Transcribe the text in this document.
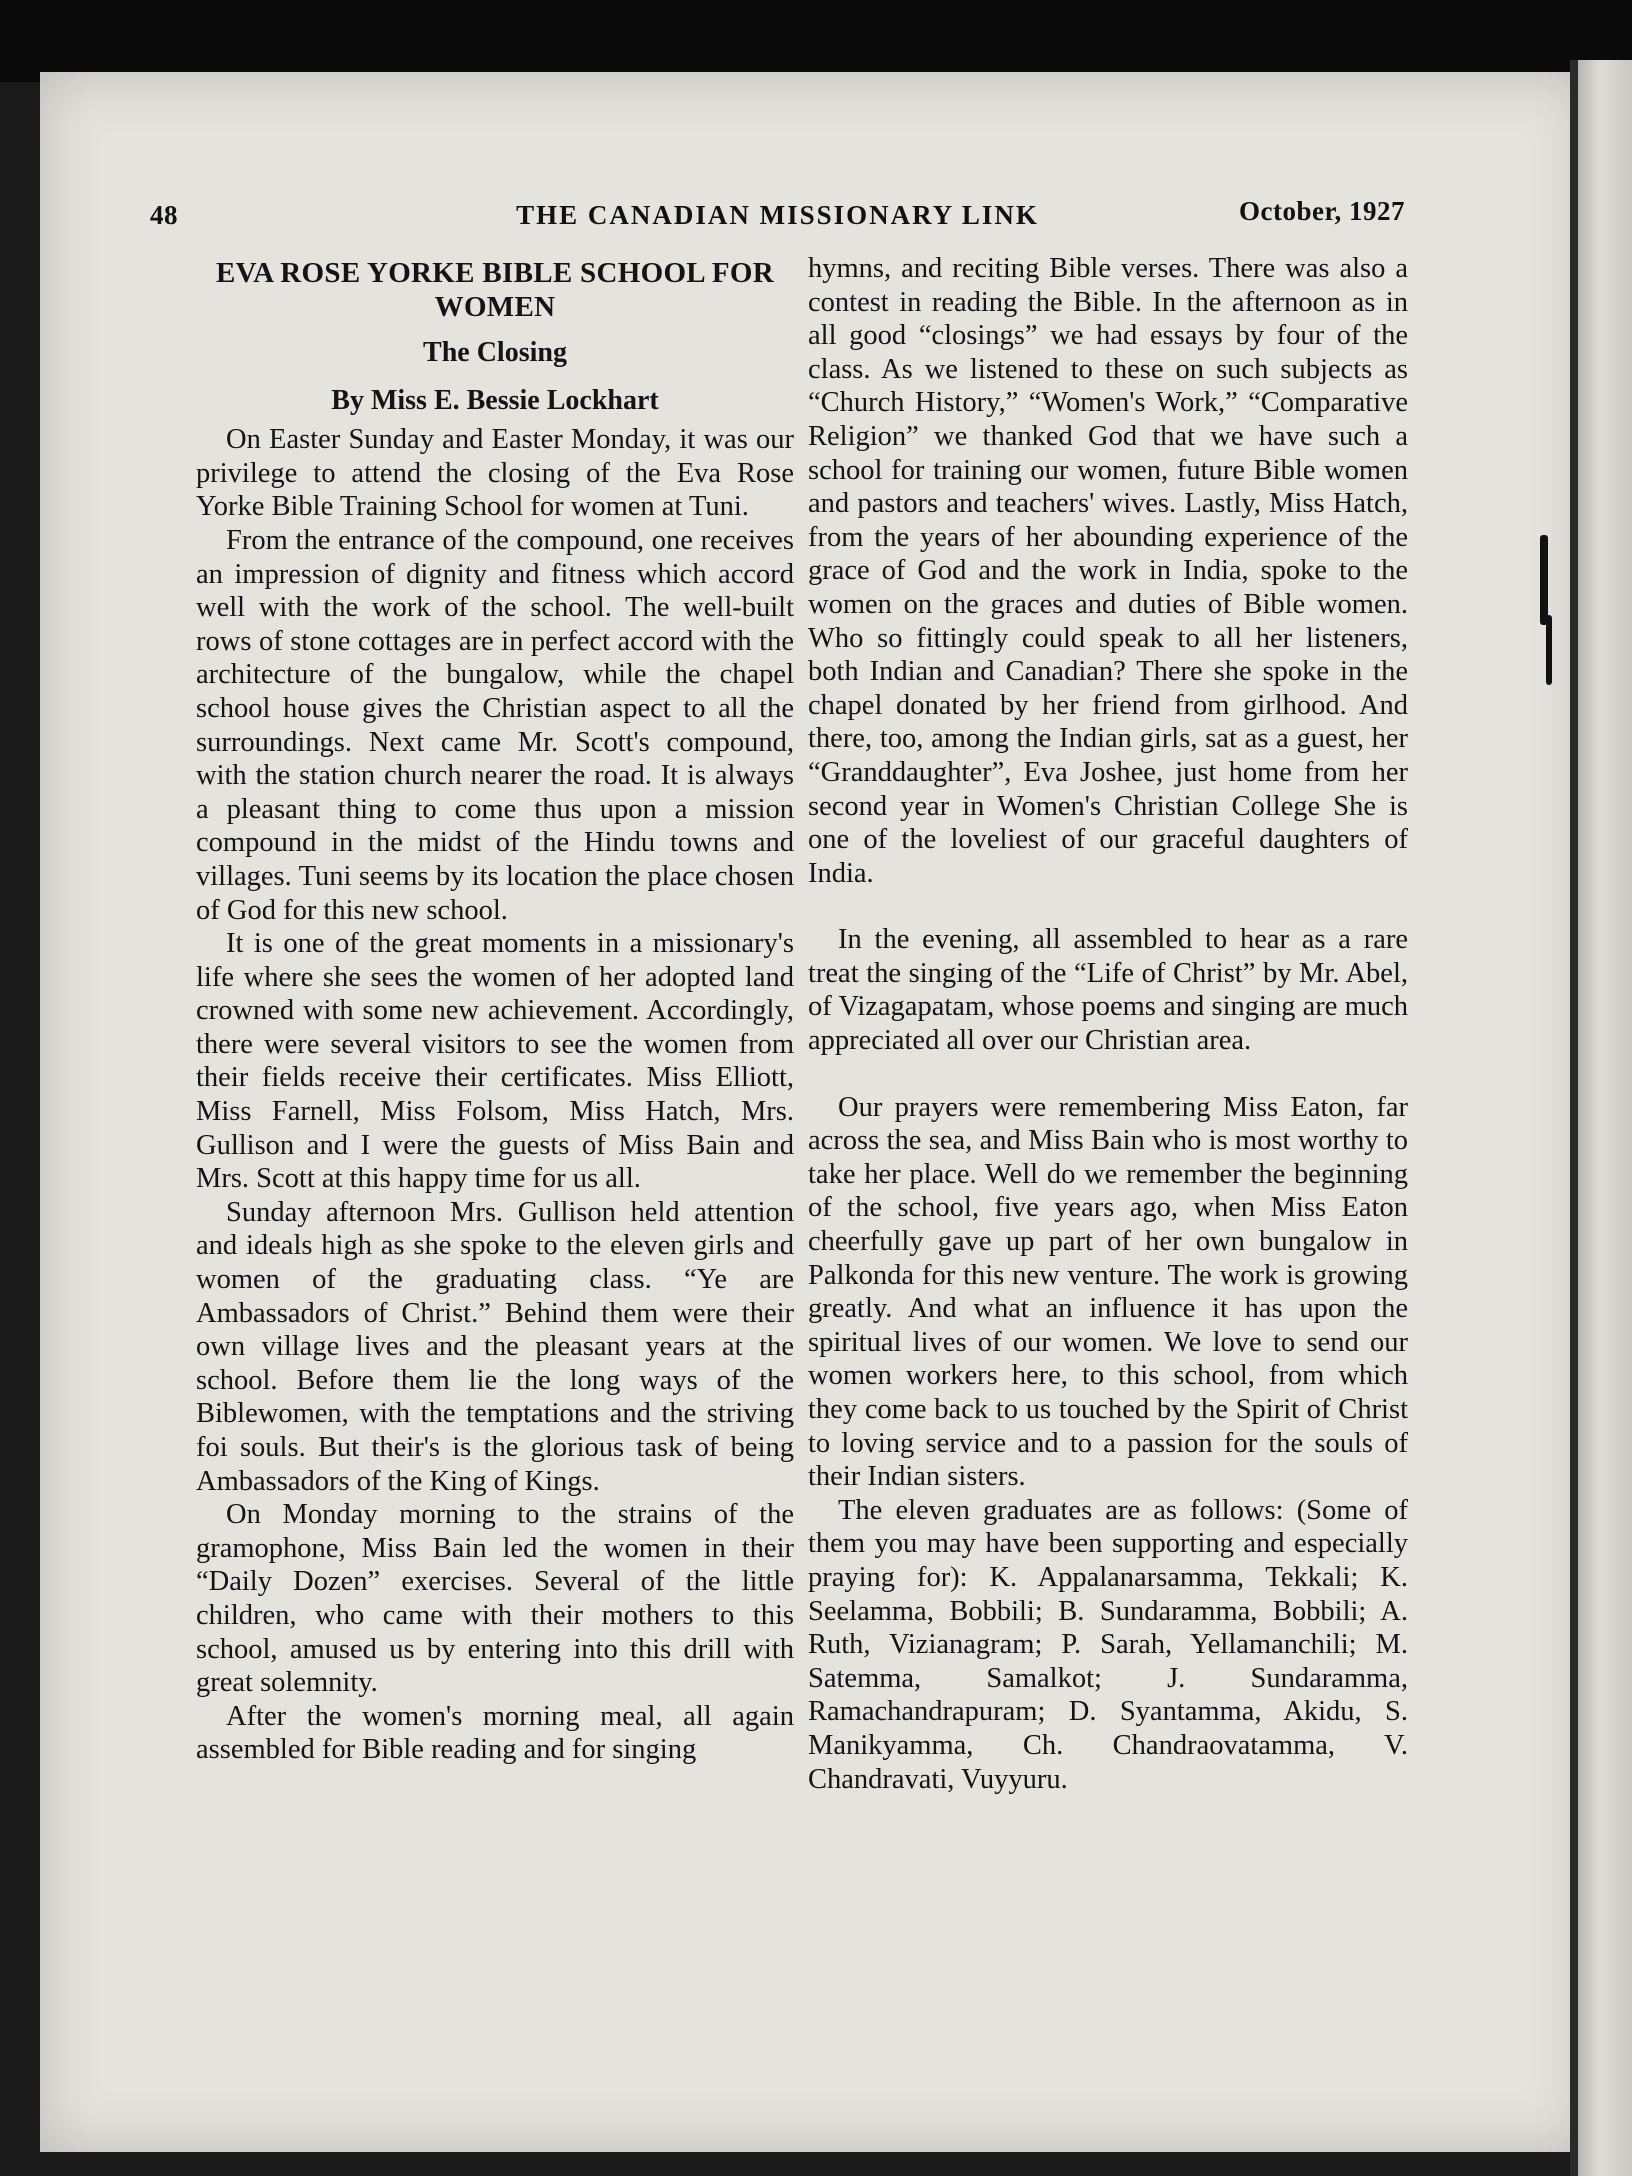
48	THE CANADIAN MISSIONARY LINK	October, 1927
EVA ROSE YORKE BIBLE SCHOOL FOR WOMEN
The Closing
By Miss E. Bessie Lockhart

On Easter Sunday and Easter Monday, it was our privilege to attend the closing of the Eva Rose Yorke Bible Training School for women at Tuni.

From the entrance of the compound, one receives an impression of dignity and fitness which accord well with the work of the school. The well-built rows of stone cottages are in perfect accord with the architecture of the bungalow, while the chapel school house gives the Christian aspect to all the surroundings. Next came Mr. Scott's compound, with the station church nearer the road. It is always a pleasant thing to come thus upon a mission compound in the midst of the Hindu towns and villages. Tuni seems by its location the place chosen of God for this new school.

It is one of the great moments in a missionary's life where she sees the women of her adopted land crowned with some new achievement. Accordingly, there were several visitors to see the women from their fields receive their certificates. Miss Elliott, Miss Farnell, Miss Folsom, Miss Hatch, Mrs. Gullison and I were the guests of Miss Bain and Mrs. Scott at this happy time for us all.

Sunday afternoon Mrs. Gullison held attention and ideals high as she spoke to the eleven girls and women of the graduating class. “Ye are Ambassadors of Christ.” Behind them were their own village lives and the pleasant years at the school. Before them lie the long ways of the Biblewomen, with the temptations and the striving foi souls. But their's is the glorious task of being Ambassadors of the King of Kings.

On Monday morning to the strains of the gramophone, Miss Bain led the women in their “Daily Dozen” exercises. Several of the little children, who came with their mothers to this school, amused us by entering into this drill with great solemnity.

After the women's morning meal, all again assembled for Bible reading and for singing

hymns, and reciting Bible verses. There was also a contest in reading the Bible. In the afternoon as in all good “closings” we had essays by four of the class. As we listened to these on such subjects as “Church History,” “Women's Work,” “Comparative Religion” we thanked God that we have such a school for training our women, future Bible women and pastors and teachers' wives. Lastly, Miss Hatch, from the years of her abounding experience of the grace of God and the work in India, spoke to the women on the graces and duties of Bible women. Who so fittingly could speak to all her listeners, both Indian and Canadian? There she spoke in the chapel donated by her friend from girlhood. And there, too, among the Indian girls, sat as a guest, her “Granddaughter”, Eva Joshee, just home from her second year in Women's Christian College She is one of the loveliest of our graceful daughters of India.

In the evening, all assembled to hear as a rare treat the singing of the “Life of Christ” by Mr. Abel, of Vizagapatam, whose poems and singing are much appreciated all over our Christian area.

Our prayers were remembering Miss Eaton, far across the sea, and Miss Bain who is most worthy to take her place. Well do we remember the beginning of the school, five years ago, when Miss Eaton cheerfully gave up part of her own bungalow in Palkonda for this new venture. The work is growing greatly. And what an influence it has upon the spiritual lives of our women. We love to send our women workers here, to this school, from which they come back to us touched by the Spirit of Christ to loving service and to a passion for the souls of their Indian sisters.

The eleven graduates are as follows: (Some of them you may have been supporting and especially praying for): K. Appalanarsamma, Tekkali; K. Seelamma, Bobbili; B. Sundaramma, Bobbili; A. Ruth, Vizianagram; P. Sarah, Yellamanchili; M. Satemma, Samalkot; J. Sundaramma, Ramachandrapuram; D. Syantamma, Akidu, S. Manikyamma, Ch. Chandraovatamma, V. Chandravati, Vuyyuru.
